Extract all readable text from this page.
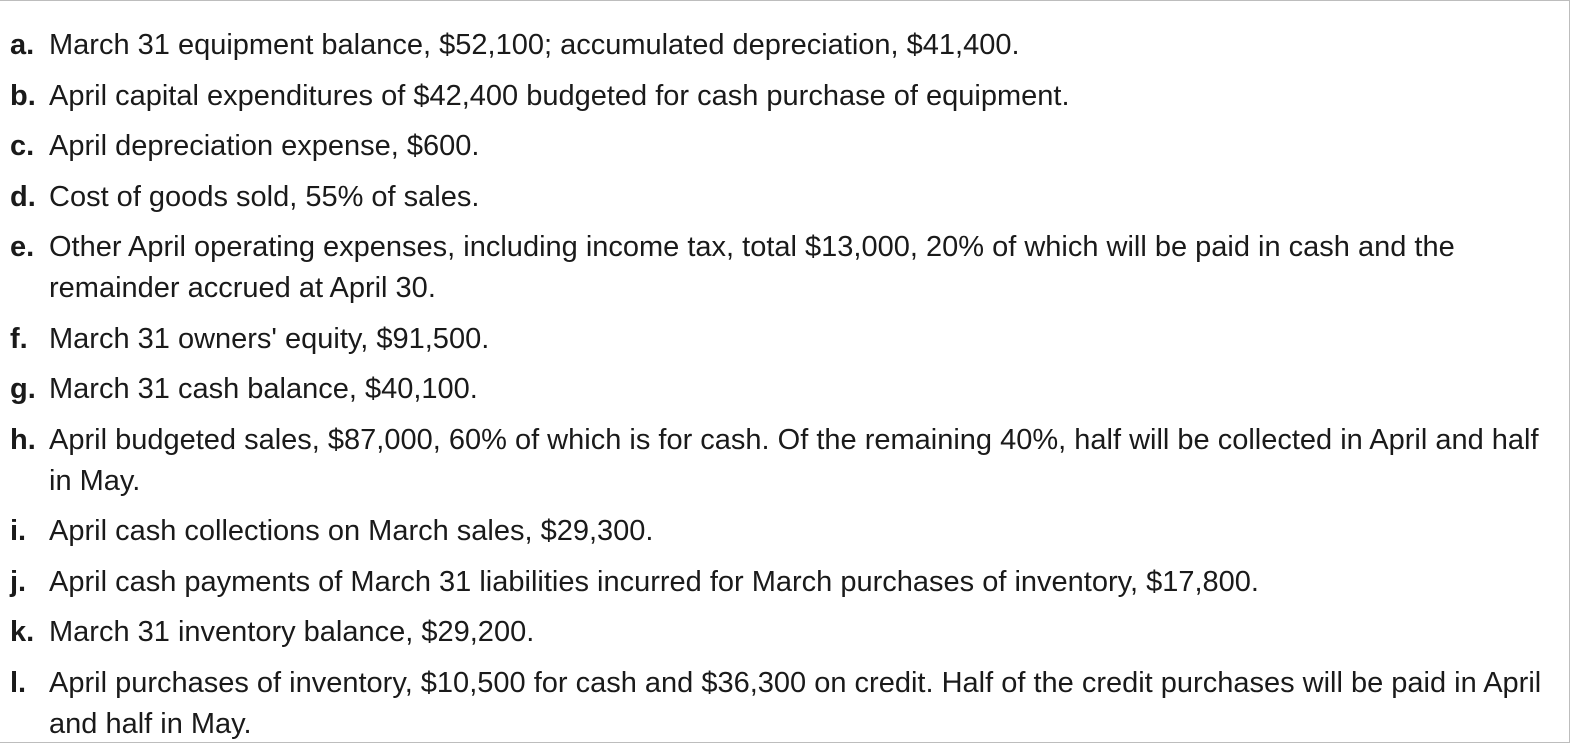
a. March 31 equipment balance, $52,100; accumulated depreciation, $41,400.
b. April capital expenditures of $42,400 budgeted for cash purchase of equipment.
c. April depreciation expense, $600.
d. Cost of goods sold, 55% of sales.
e. Other April operating expenses, including income tax, total $13,000, 20% of which will be paid in cash and the remainder accrued at April 30.
f. March 31 owners' equity, $91,500.
g. March 31 cash balance, $40,100.
h. April budgeted sales, $87,000, 60% of which is for cash. Of the remaining 40%, half will be collected in April and half in May.
i. April cash collections on March sales, $29,300.
j. April cash payments of March 31 liabilities incurred for March purchases of inventory, $17,800.
k. March 31 inventory balance, $29,200.
l. April purchases of inventory, $10,500 for cash and $36,300 on credit. Half of the credit purchases will be paid in April and half in May.
